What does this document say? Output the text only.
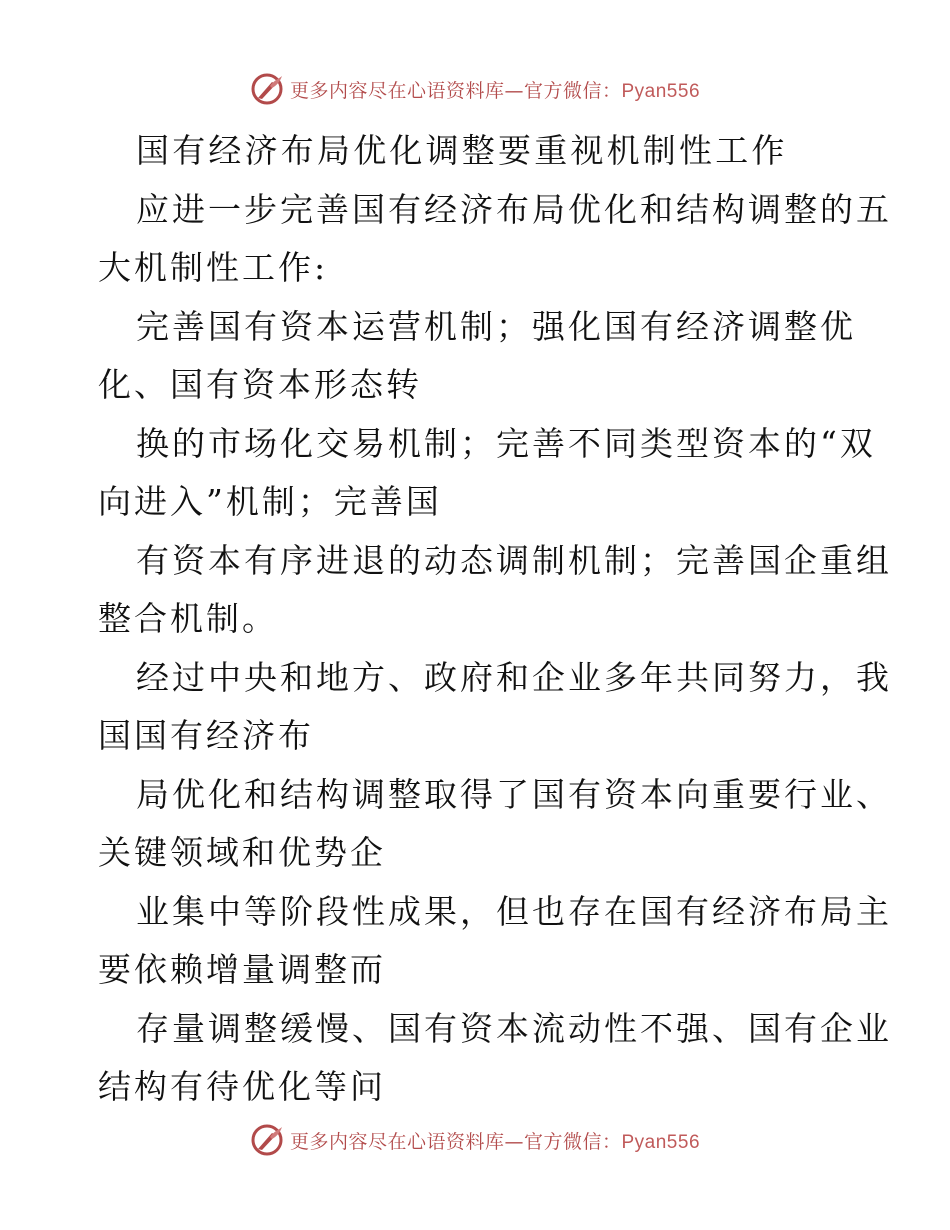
更多内容尽在心语资料库—官方微信：Pyan556

国有经济布局优化调整要重视机制性工作

应进一步完善国有经济布局优化和结构调整的五
大机制性工作:

完善国有资本运营机制；强化国有经济调整优
化、国有资本形态转

换的市场化交易机制；完善不同类型资本的“双
向进入”机制；完善国

有资本有序进退的动态调制机制；完善国企重组
整合机制。

经过中央和地方、政府和企业多年共同努力，我
国国有经济布

局优化和结构调整取得了国有资本向重要行业、
关键领域和优势企

业集中等阶段性成果，但也存在国有经济布局主
要依赖增量调整而

存量调整缓慢、国有资本流动性不强、国有企业
结构有待优化等问

更多内容尽在心语资料库—官方微信：Pyan556
